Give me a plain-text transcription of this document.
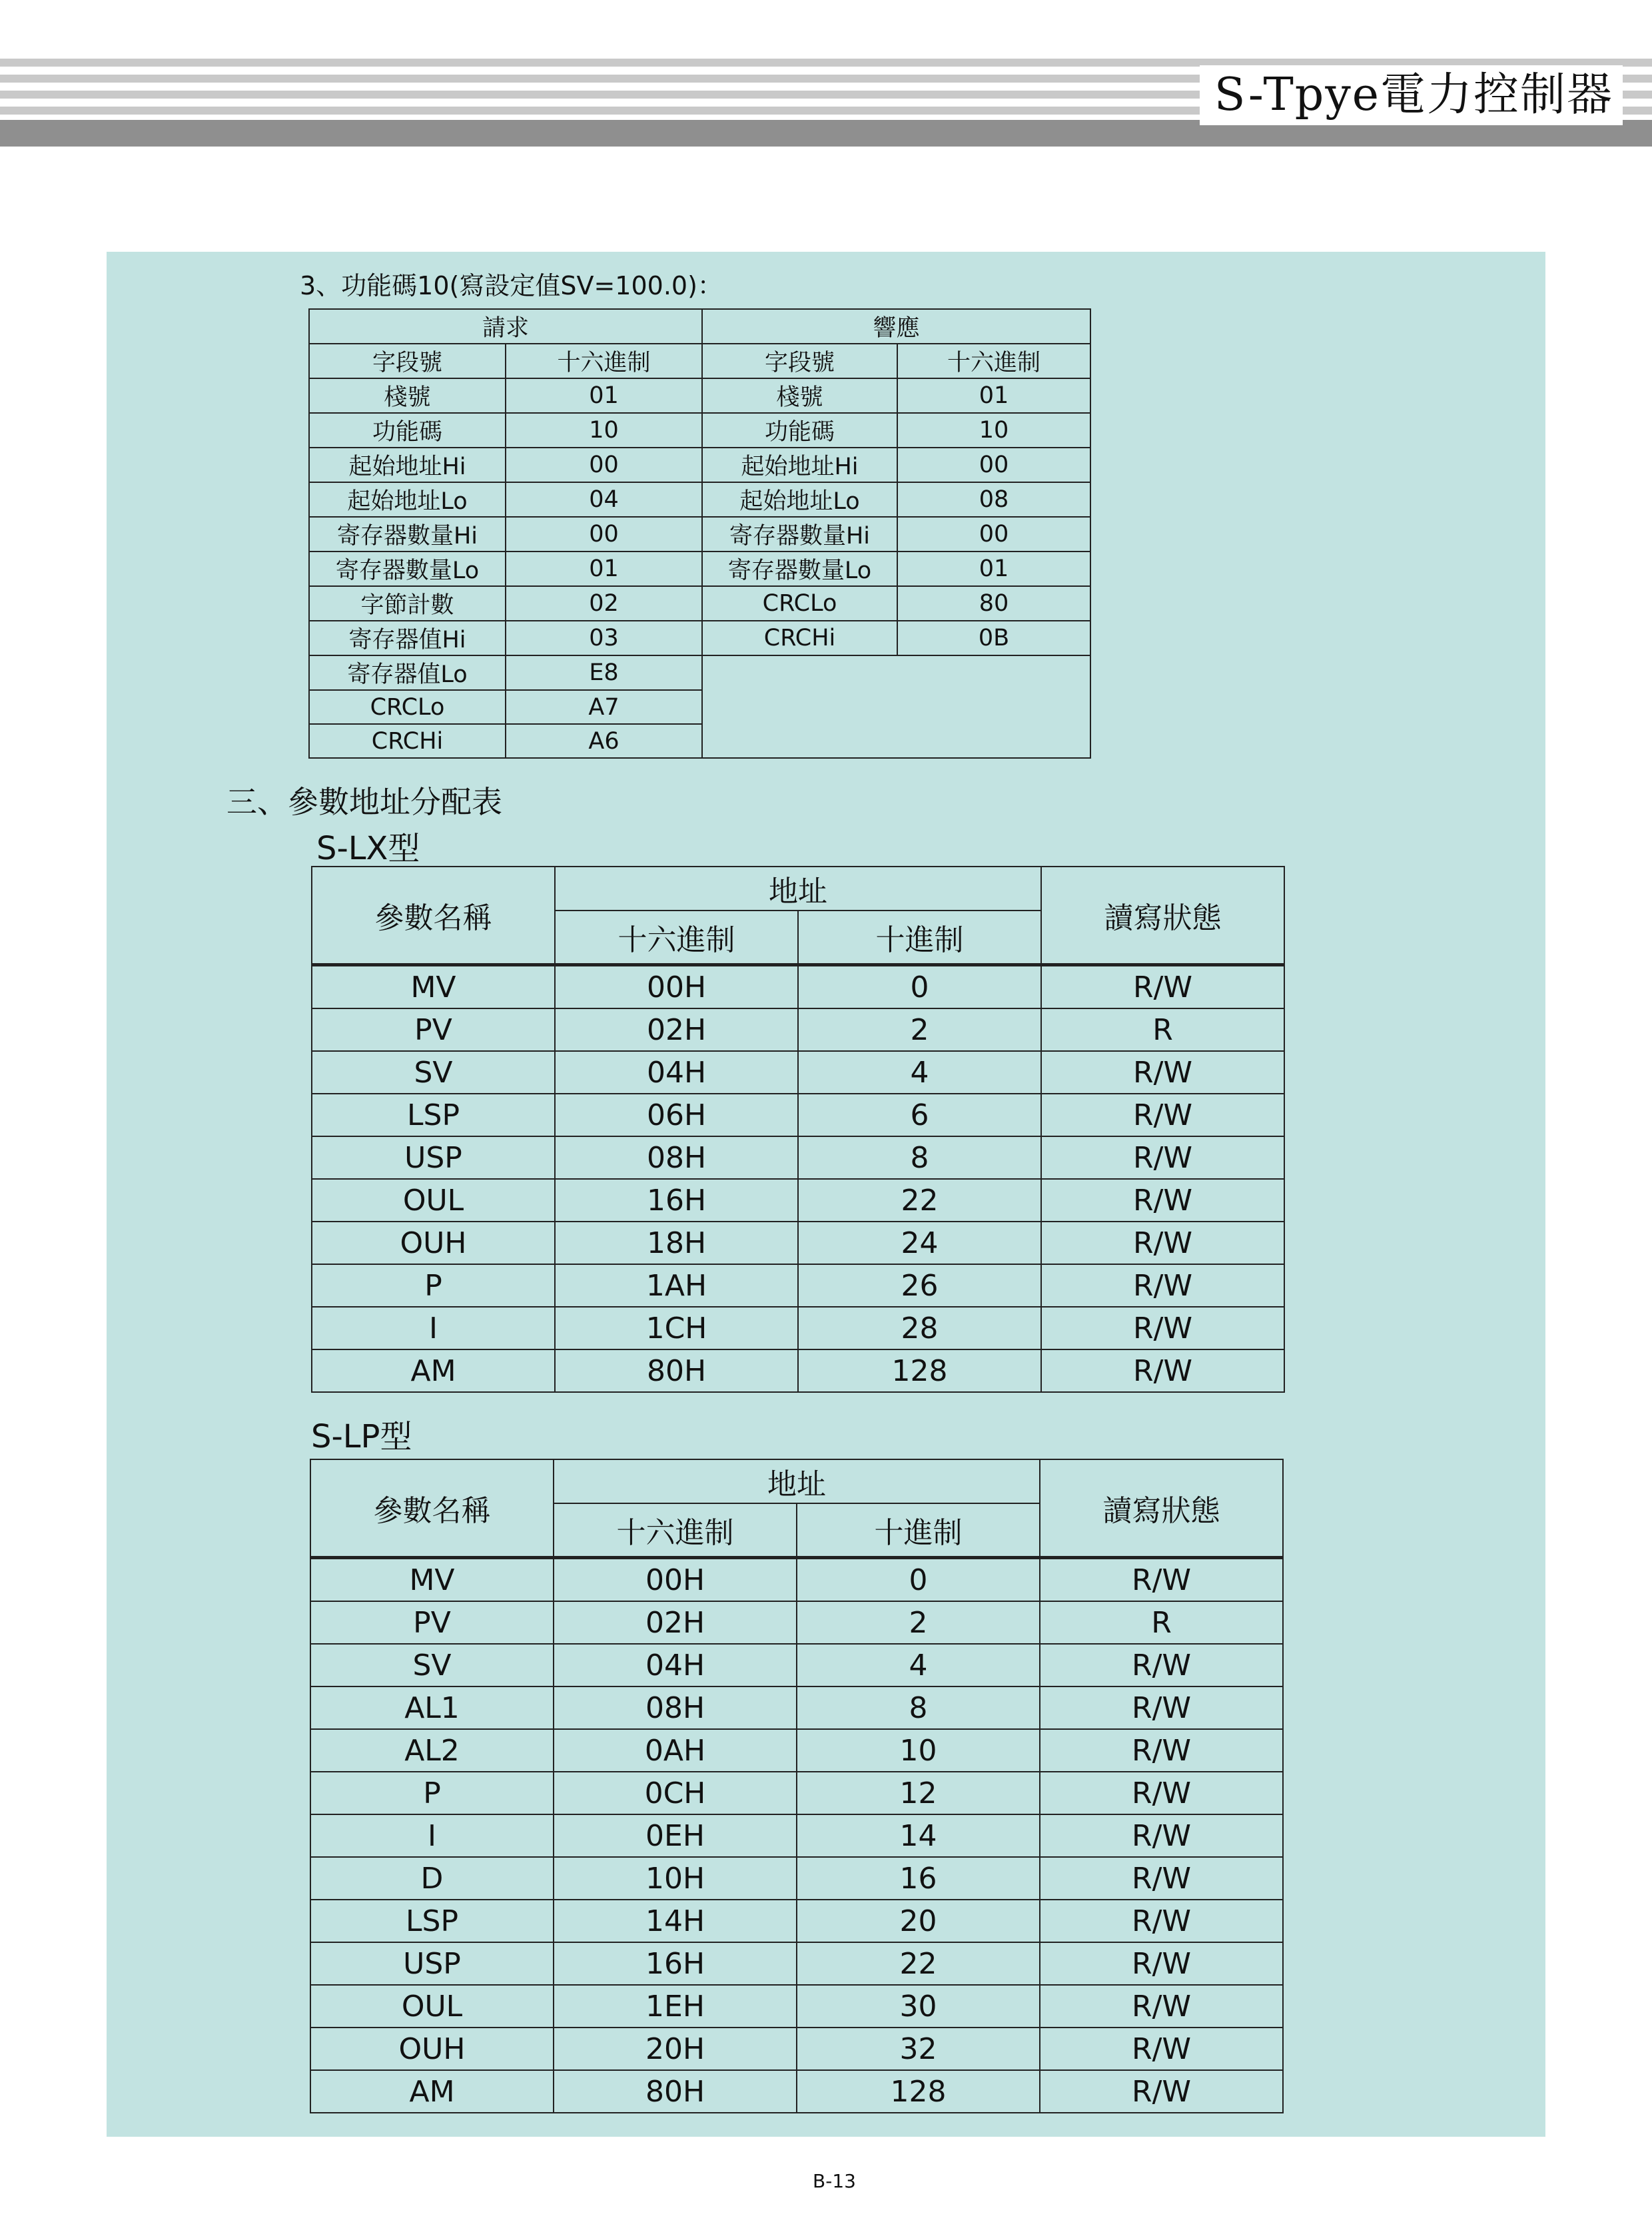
S-Tpye電力控制器
3、功能碼10(寫設定值SV=100.0)：
請求		響應	
字段號	十六進制	字段號	十六進制
棧號	01	棧號	01
功能碼	10	功能碼	10
起始地址Hi	00	起始地址Hi	00
起始地址Lo	04	起始地址Lo	08
寄存器數量Hi	00	寄存器數量Hi	00
寄存器數量Lo	01	寄存器數量Lo	01
字節計數	02	CRCLo	80
寄存器值Hi	03	CRCHi	0B
寄存器值Lo	E8		
CRCLo	A7		
CRCHi	A6		
三、參數地址分配表
S-LX型
參數名稱	地址		讀寫狀態
	十六進制	十進制	
MV	00H	0	R/W
PV	02H	2	R
SV	04H	4	R/W
LSP	06H	6	R/W
USP	08H	8	R/W
OUL	16H	22	R/W
OUH	18H	24	R/W
P	1AH	26	R/W
I	1CH	28	R/W
AM	80H	128	R/W
S-LP型
參數名稱	地址		讀寫狀態
	十六進制	十進制	
MV	00H	0	R/W
PV	02H	2	R
SV	04H	4	R/W
AL1	08H	8	R/W
AL2	0AH	10	R/W
P	0CH	12	R/W
I	0EH	14	R/W
D	10H	16	R/W
LSP	14H	20	R/W
USP	16H	22	R/W
OUL	1EH	30	R/W
OUH	20H	32	R/W
AM	80H	128	R/W
B-13
